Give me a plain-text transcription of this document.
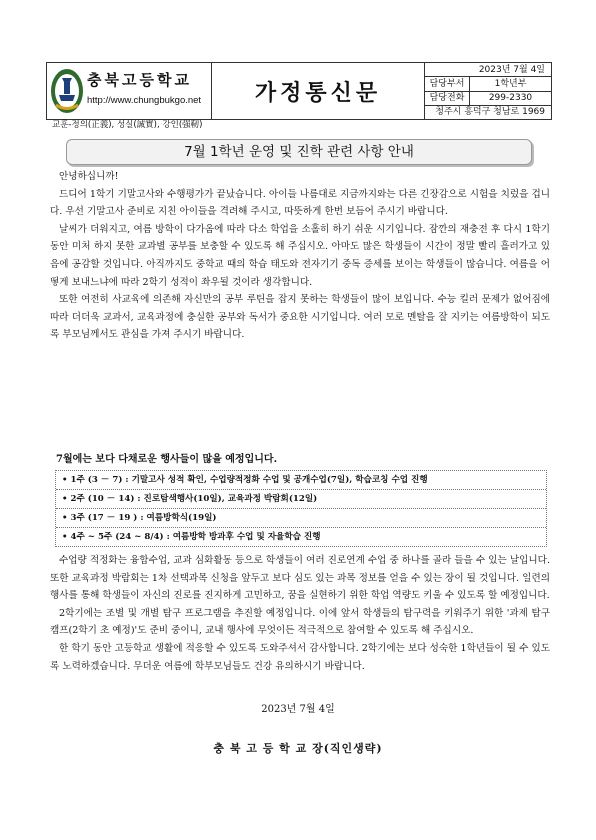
충북고등학교
http://www.chungbukgo.net 가정통신문
2023년 7월 4일
담당부서	1학년부
담당전화	299-2330
청주시 흥덕구 청남로 1969
교훈-정의(正義), 성실(誠實), 강인(强靭)
7월 1학년 운영 및 진학 관련 사항 안내

안녕하십니까!

드디어 1학기 기말고사와 수행평가가 끝났습니다. 아이들 나름대로 지금까지와는 다른 긴장감으로 시험을 치렀을 겁니다. 우선 기말고사 준비로 지친 아이들을 격려해 주시고, 따뜻하게 한번 보듬어 주시기 바랍니다.

날씨가 더워지고, 여름 방학이 다가옴에 따라 다소 학업을 소홀히 하기 쉬운 시기입니다. 잠깐의 재충전 후 다시 1학기 동안 미처 하지 못한 교과별 공부를 보충할 수 있도록 해 주십시오. 아마도 많은 학생들이 시간이 정말 빨리 흘러가고 있음에 공감할 것입니다. 아직까지도 중학교 때의 학습 태도와 전자기기 중독 증세를 보이는 학생들이 많습니다. 여름을 어떻게 보내느냐에 따라 2학기 성적이 좌우될 것이라 생각합니다.

또한 여전히 사교육에 의존해 자신만의 공부 루틴을 잡지 못하는 학생들이 많이 보입니다. 수능 킬러 문제가 없어짐에 따라 더더욱 교과서, 교육과정에 충실한 공부와 독서가 중요한 시기입니다. 여러 모로 멘탈을 잘 지키는 여름방학이 되도록 부모님께서도 관심을 가져 주시기 바랍니다.

7월에는 보다 다채로운 행사들이 많을 예정입니다.
• 1주 (3 － 7) : 기말고사 성적 확인, 수업량적정화 수업 및 공개수업(7일), 학습코칭 수업 진행
• 2주 (10 － 14) : 진로탐색행사(10일), 교육과정 박람회(12일)
• 3주 (17 － 19 ) : 여름방학식(19일)
• 4주 ~ 5주 (24 ~ 8/4) : 여름방학 방과후 수업 및 자율학습 진행

수업량 적정화는 융합수업, 교과 심화활동 등으로 학생들이 여러 진로연계 수업 중 하나를 골라 들을 수 있는 날입니다. 또한 교육과정 박람회는 1차 선택과목 신청을 앞두고 보다 심도 있는 과목 정보를 얻을 수 있는 장이 될 것입니다. 일련의 행사를 통해 학생들이 자신의 진로를 진지하게 고민하고, 꿈을 실현하기 위한 학업 역량도 키울 수 있도록 할 예정입니다.

2학기에는 조별 및 개별 탐구 프로그램을 추진할 예정입니다. 이에 앞서 학생들의 탐구력을 키워주기 위한 '과제 탐구 캠프(2학기 초 예정)'도 준비 중이니, 교내 행사에 무엇이든 적극적으로 참여할 수 있도록 해 주십시오.

한 학기 동안 고등학교 생활에 적응할 수 있도록 도와주셔서 감사합니다. 2학기에는 보다 성숙한 1학년들이 될 수 있도록 노력하겠습니다. 무더운 여름에 학부모님들도 건강 유의하시기 바랍니다.

2023년 7월 4일
충 북 고 등 학 교 장(직인생략)
